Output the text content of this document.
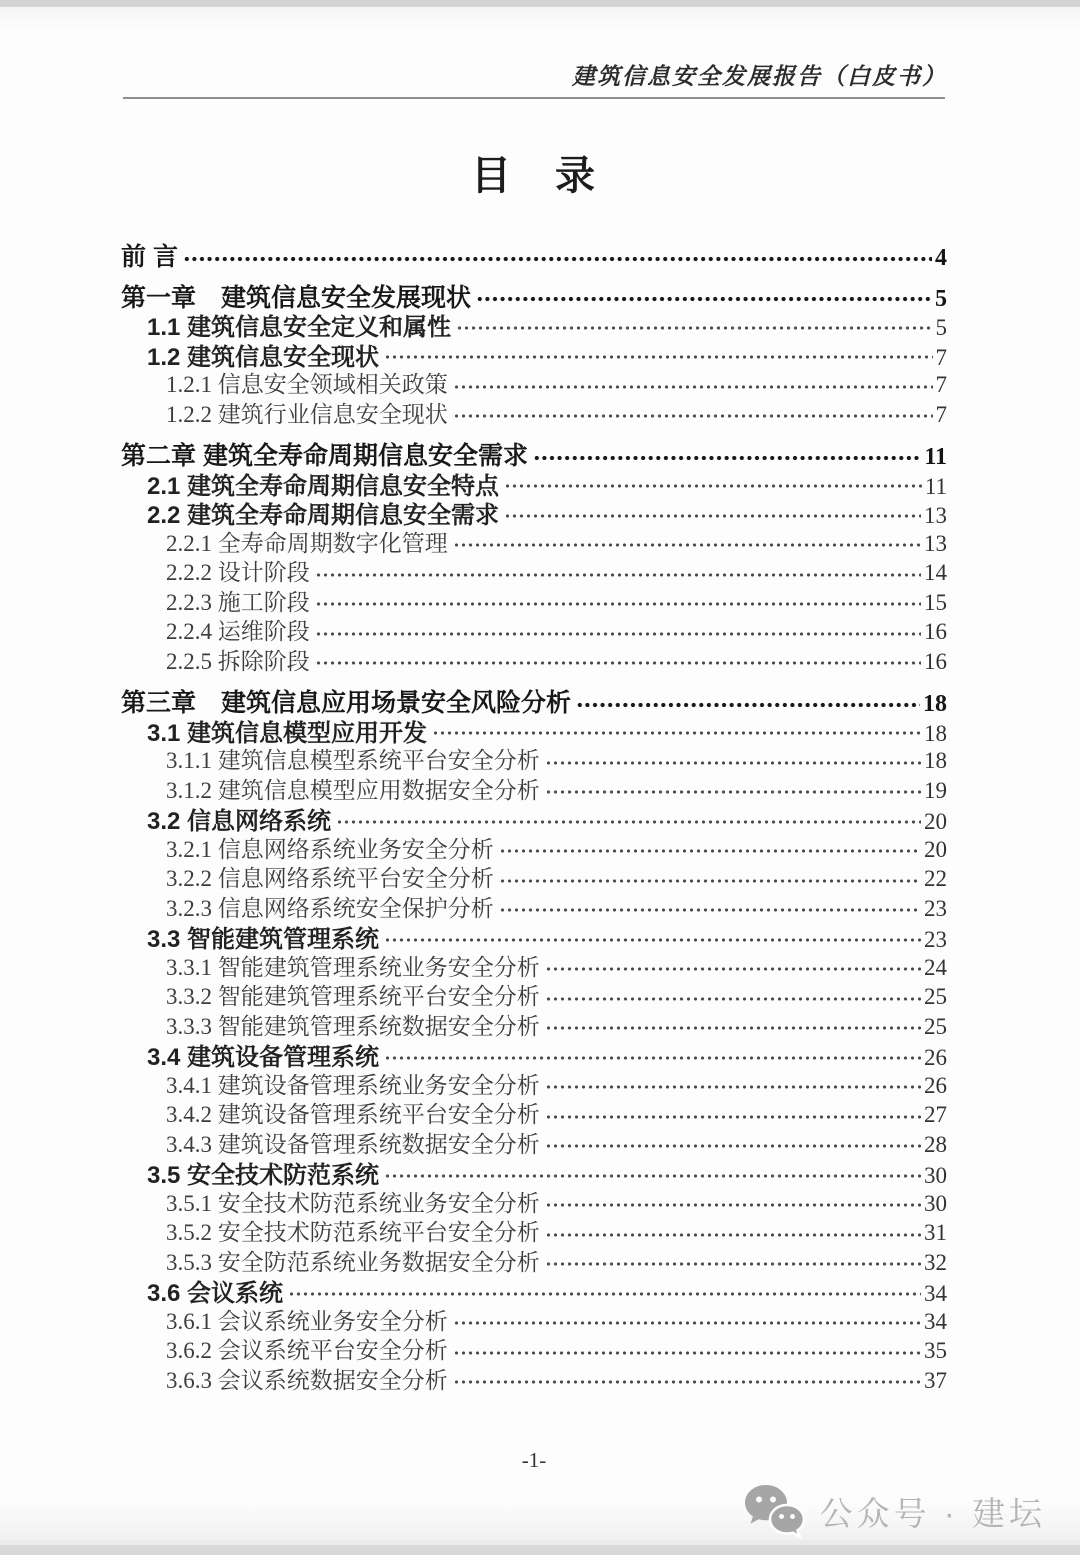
建筑信息安全发展报告（白皮书）
目　录
前 言	4
第一章　建筑信息安全发展现状	5
1.1 建筑信息安全定义和属性	5
1.2 建筑信息安全现状	7
1.2.1 信息安全领域相关政策	7
1.2.2 建筑行业信息安全现状	7
第二章 建筑全寿命周期信息安全需求	11
2.1 建筑全寿命周期信息安全特点	11
2.2 建筑全寿命周期信息安全需求	13
2.2.1 全寿命周期数字化管理	13
2.2.2 设计阶段	14
2.2.3 施工阶段	15
2.2.4 运维阶段	16
2.2.5 拆除阶段	16
第三章　建筑信息应用场景安全风险分析	18
3.1 建筑信息模型应用开发	18
3.1.1 建筑信息模型系统平台安全分析	18
3.1.2 建筑信息模型应用数据安全分析	19
3.2 信息网络系统	20
3.2.1 信息网络系统业务安全分析	20
3.2.2 信息网络系统平台安全分析	22
3.2.3 信息网络系统安全保护分析	23
3.3 智能建筑管理系统	23
3.3.1 智能建筑管理系统业务安全分析	24
3.3.2 智能建筑管理系统平台安全分析	25
3.3.3 智能建筑管理系统数据安全分析	25
3.4 建筑设备管理系统	26
3.4.1 建筑设备管理系统业务安全分析	26
3.4.2 建筑设备管理系统平台安全分析	27
3.4.3 建筑设备管理系统数据安全分析	28
3.5 安全技术防范系统	30
3.5.1 安全技术防范系统业务安全分析	30
3.5.2 安全技术防范系统平台安全分析	31
3.5.3 安全防范系统业务数据安全分析	32
3.6 会议系统	34
3.6.1 会议系统业务安全分析	34
3.6.2 会议系统平台安全分析	35
3.6.3 会议系统数据安全分析	37
-1-
公众号 · 建坛
